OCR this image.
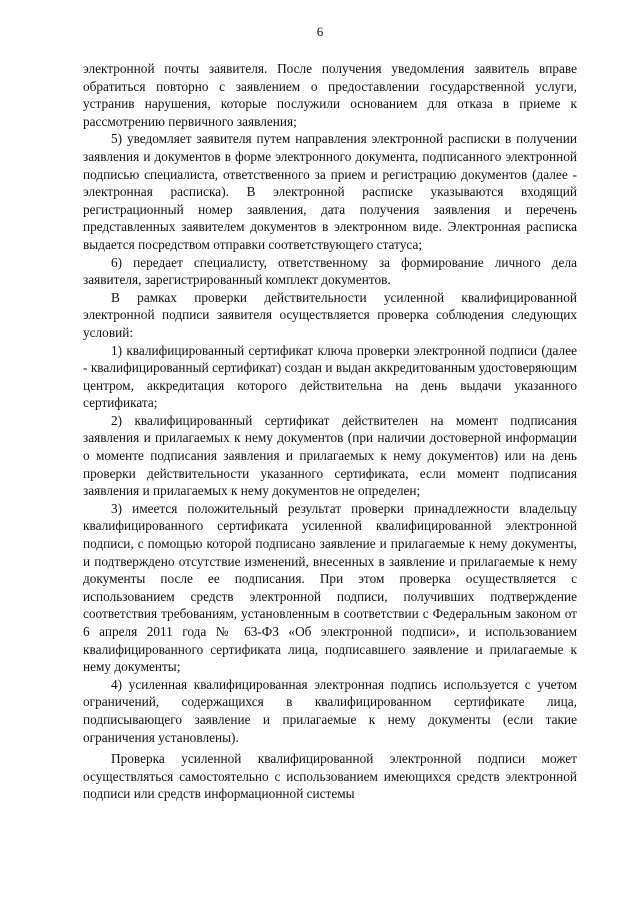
6

электронной почты заявителя. После получения уведомления заявитель вправе обратиться повторно с заявлением о предоставлении государственной услуги, устранив нарушения, которые послужили основанием для отказа в приеме к рассмотрению первичного заявления;

5) уведомляет заявителя путем направления электронной расписки в получении заявления и документов в форме электронного документа, подписанного электронной подписью специалиста, ответственного за прием и регистрацию документов (далее - электронная расписка). В электронной расписке указываются входящий регистрационный номер заявления, дата получения заявления и перечень представленных заявителем документов в электронном виде. Электронная расписка выдается посредством отправки соответствующего статуса;

6) передает специалисту, ответственному за формирование личного дела заявителя, зарегистрированный комплект документов.

В рамках проверки действительности усиленной квалифицированной электронной подписи заявителя осуществляется проверка соблюдения следующих условий:

1) квалифицированный сертификат ключа проверки электронной подписи (далее - квалифицированный сертификат) создан и выдан аккредитованным удостоверяющим центром, аккредитация которого действительна на день выдачи указанного сертификата;

2) квалифицированный сертификат действителен на момент подписания заявления и прилагаемых к нему документов (при наличии достоверной информации о моменте подписания заявления и прилагаемых к нему документов) или на день проверки действительности указанного сертификата, если момент подписания заявления и прилагаемых к нему документов не определен;

3) имеется положительный результат проверки принадлежности владельцу квалифицированного сертификата усиленной квалифицированной электронной подписи, с помощью которой подписано заявление и прилагаемые к нему документы, и подтверждено отсутствие изменений, внесенных в заявление и прилагаемые к нему документы после ее подписания. При этом проверка осуществляется с использованием средств электронной подписи, получивших подтверждение соответствия требованиям, установленным в соответствии с Федеральным законом от 6 апреля 2011 года № 63-ФЗ «Об электронной подписи», и использованием квалифицированного сертификата лица, подписавшего заявление и прилагаемые к нему документы;

4) усиленная квалифицированная электронная подпись используется с учетом ограничений, содержащихся в квалифицированном сертификате лица, подписывающего заявление и прилагаемые к нему документы (если такие ограничения установлены).

Проверка усиленной квалифицированной электронной подписи может осуществляться самостоятельно с использованием имеющихся средств электронной подписи или средств информационной системы
